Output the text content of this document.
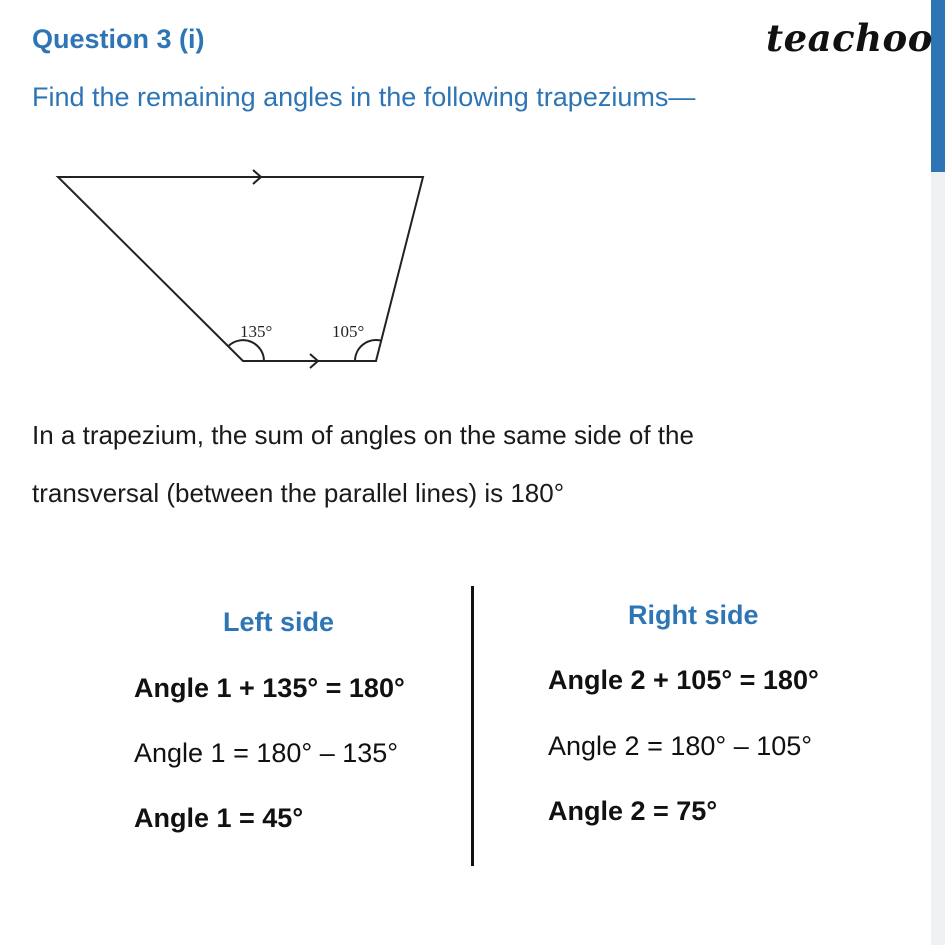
Question 3 (i)	teachoo
Find the remaining angles in the following trapeziums—
135°	105°
In a trapezium, the sum of angles on the same side of the
transversal (between the parallel lines) is 180°
Left side
Angle 1 + 135° = 180°
Angle 1 = 180° – 135°
Angle 1 = 45°
Right side
Angle 2 + 105° = 180°
Angle 2 = 180° – 105°
Angle 2 = 75°
